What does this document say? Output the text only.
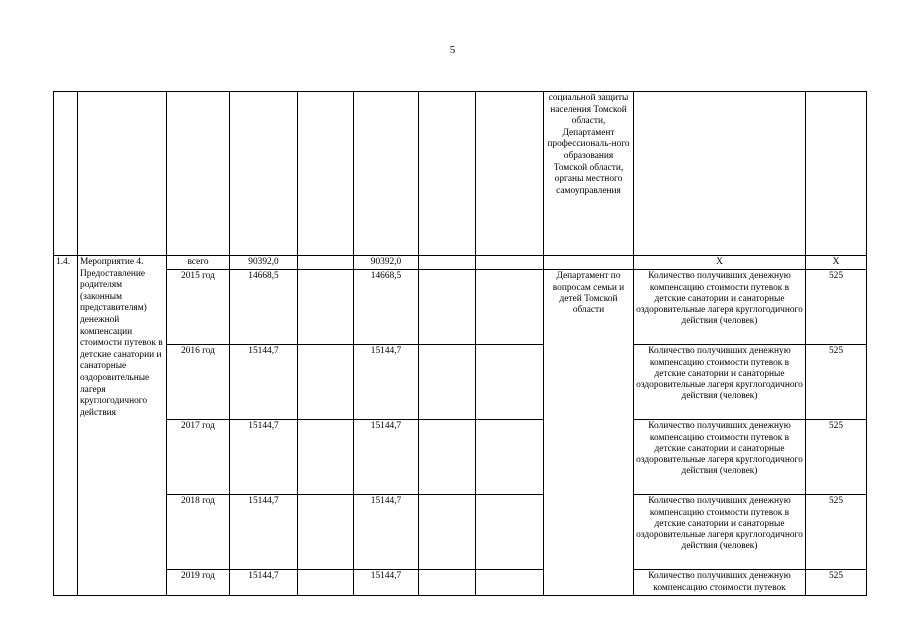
5
								социальной защиты населения Томской области, Департамент профессиональ-ного образования Томской области, органы местного самоуправления		
1.4.	Мероприятие 4. Предоставление родителям (законным представителям) денежной компенсации стоимости путевок в детские санатории и санаторные оздоровительные лагеря круглогодичного действия	всего	90392,0		90392,0				X	X
		2015 год	14668,5		14668,5			Департамент по вопросам семьи и детей Томской области	Количество получивших денежную компенсацию стоимости путевок в детские санатории и санаторные оздоровительные лагеря круглогодичного действия (человек)	525
		2016 год	15144,7		15144,7				Количество получивших денежную компенсацию стоимости путевок в детские санатории и санаторные оздоровительные лагеря круглогодичного действия (человек)	525
		2017 год	15144,7		15144,7				Количество получивших денежную компенсацию стоимости путевок в детские санатории и санаторные оздоровительные лагеря круглогодичного действия (человек)	525
		2018 год	15144,7		15144,7				Количество получивших денежную компенсацию стоимости путевок в детские санатории и санаторные оздоровительные лагеря круглогодичного действия (человек)	525
		2019 год	15144,7		15144,7				Количество получивших денежную компенсацию стоимости путевок	525
